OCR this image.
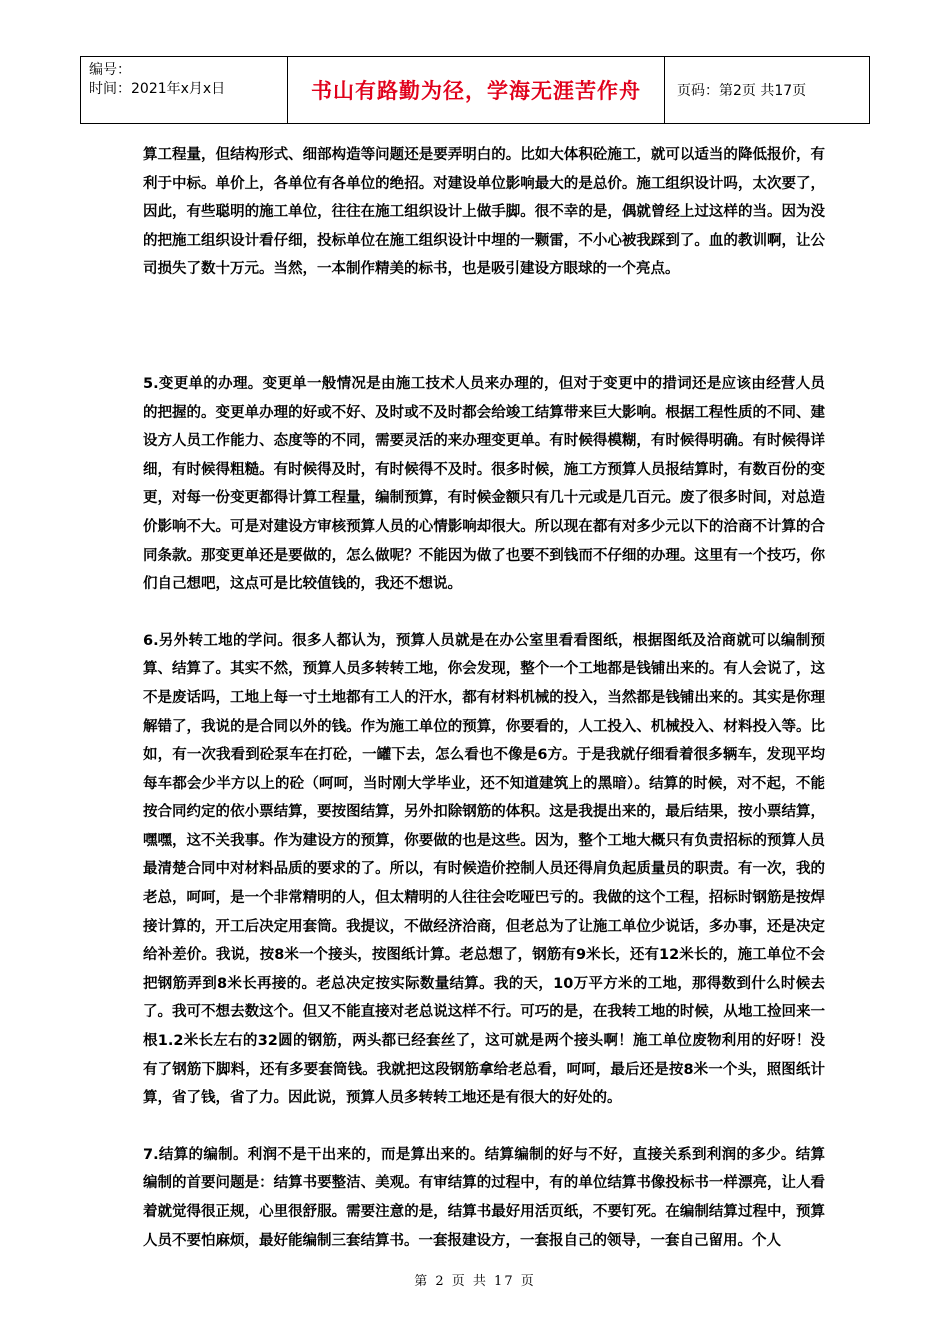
编号：
时间：2021年x月x日	书山有路勤为径，学海无涯苦作舟	页码：第2页 共17页

算工程量，但结构形式、细部构造等问题还是要弄明白的。比如大体积砼施工，就可以适当的降低报价，有利于中标。单价上，各单位有各单位的绝招。对建设单位影响最大的是总价。施工组织设计吗，太次要了，因此，有些聪明的施工单位，往往在施工组织设计上做手脚。很不幸的是，偶就曾经上过这样的当。因为没的把施工组织设计看仔细，投标单位在施工组织设计中埋的一颗雷，不小心被我踩到了。血的教训啊，让公司损失了数十万元。当然，一本制作精美的标书，也是吸引建设方眼球的一个亮点。

5.变更单的办理。变更单一般情况是由施工技术人员来办理的，但对于变更中的措词还是应该由经营人员的把握的。变更单办理的好或不好、及时或不及时都会给竣工结算带来巨大影响。根据工程性质的不同、建设方人员工作能力、态度等的不同，需要灵活的来办理变更单。有时候得模糊，有时候得明确。有时候得详细，有时候得粗糙。有时候得及时，有时候得不及时。很多时候，施工方预算人员报结算时，有数百份的变更，对每一份变更都得计算工程量，编制预算，有时候金额只有几十元或是几百元。废了很多时间，对总造价影响不大。可是对建设方审核预算人员的心情影响却很大。所以现在都有对多少元以下的洽商不计算的合同条款。那变更单还是要做的，怎么做呢？不能因为做了也要不到钱而不仔细的办理。这里有一个技巧，你们自己想吧，这点可是比较值钱的，我还不想说。

6.另外转工地的学问。很多人都认为，预算人员就是在办公室里看看图纸，根据图纸及洽商就可以编制预算、结算了。其实不然，预算人员多转转工地，你会发现，整个一个工地都是钱铺出来的。有人会说了，这不是废话吗，工地上每一寸土地都有工人的汗水，都有材料机械的投入，当然都是钱铺出来的。其实是你理解错了，我说的是合同以外的钱。作为施工单位的预算，你要看的，人工投入、机械投入、材料投入等。比如，有一次我看到砼泵车在打砼，一罐下去，怎么看也不像是6方。于是我就仔细看着很多辆车，发现平均每车都会少半方以上的砼（呵呵，当时刚大学毕业，还不知道建筑上的黑暗）。结算的时候，对不起，不能按合同约定的依小票结算，要按图结算，另外扣除钢筋的体积。这是我提出来的，最后结果，按小票结算，嘿嘿，这不关我事。作为建设方的预算，你要做的也是这些。因为，整个工地大概只有负责招标的预算人员最清楚合同中对材料品质的要求的了。所以，有时候造价控制人员还得肩负起质量员的职责。有一次，我的老总，呵呵，是一个非常精明的人，但太精明的人往往会吃哑巴亏的。我做的这个工程，招标时钢筋是按焊接计算的，开工后决定用套筒。我提议，不做经济洽商，但老总为了让施工单位少说话，多办事，还是决定给补差价。我说，按8米一个接头，按图纸计算。老总想了，钢筋有9米长，还有12米长的，施工单位不会把钢筋弄到8米长再接的。老总决定按实际数量结算。我的天，10万平方米的工地，那得数到什么时候去了。我可不想去数这个。但又不能直接对老总说这样不行。可巧的是，在我转工地的时候，从地工捡回来一根1.2米长左右的32圆的钢筋，两头都已经套丝了，这可就是两个接头啊！施工单位废物利用的好呀！没有了钢筋下脚料，还有多要套筒钱。我就把这段钢筋拿给老总看，呵呵，最后还是按8米一个头，照图纸计算，省了钱，省了力。因此说，预算人员多转转工地还是有很大的好处的。

7.结算的编制。利润不是干出来的，而是算出来的。结算编制的好与不好，直接关系到利润的多少。结算编制的首要问题是：结算书要整洁、美观。有审结算的过程中，有的单位结算书像投标书一样漂亮，让人看着就觉得很正规，心里很舒服。需要注意的是，结算书最好用活页纸，不要钉死。在编制结算过程中，预算人员不要怕麻烦，最好能编制三套结算书。一套报建设方，一套报自己的领导，一套自己留用。个人

第 2 页 共 17 页
